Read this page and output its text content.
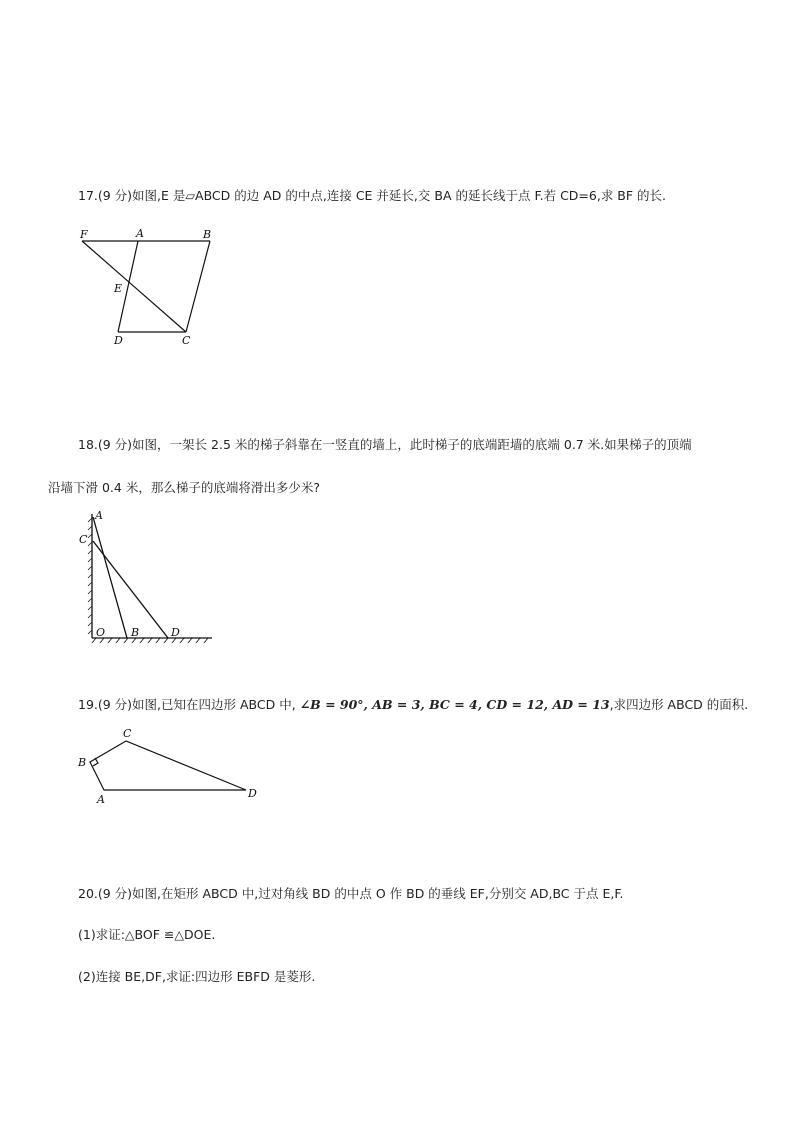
17.(9 分)如图,E 是▱ABCD 的边 AD 的中点,连接 CE 并延长,交 BA 的延长线于点 F.若 CD=6,求 BF 的长.
F	A	B
E
D	C
18.(9 分)如图，一架长 2.5 米的梯子斜靠在一竖直的墙上，此时梯子的底端距墙的底端 0.7 米.如果梯子的顶端
沿墙下滑 0.4 米，那么梯子的底端将滑出多少米?
A
C
O B	D
19.(9 分)如图,已知在四边形 ABCD 中, ∠B = 90°, AB = 3, BC = 4, CD = 12, AD = 13,求四边形 ABCD 的面积.
C
B
A	D
20.(9 分)如图,在矩形 ABCD 中,过对角线 BD 的中点 O 作 BD 的垂线 EF,分别交 AD,BC 于点 E,F.
(1)求证:△BOF ≌△DOE.
(2)连接 BE,DF,求证:四边形 EBFD 是菱形.
